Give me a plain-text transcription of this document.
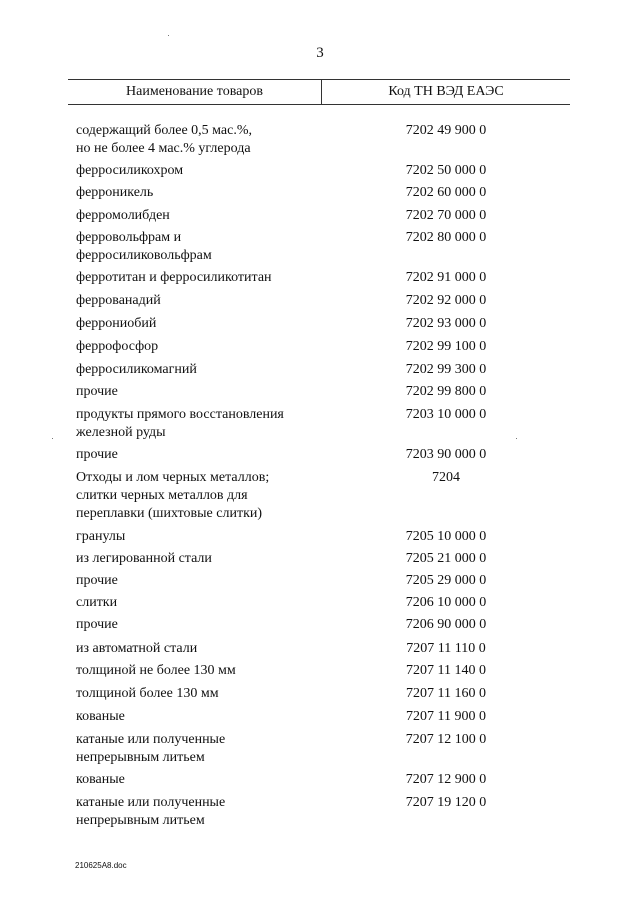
3
Наименование товаров	Код ТН ВЭД ЕАЭС
содержащий более 0,5 мас.%,
но не более 4 мас.% углерода
7202 49 900 0
ферросиликохром	7202 50 000 0
ферроникель	7202 60 000 0
ферромолибден	7202 70 000 0
ферровольфрам и
ферросиликовольфрам
7202 80 000 0
ферротитан и ферросиликотитан	7202 91 000 0
феррованадий	7202 92 000 0
феррониобий	7202 93 000 0
феррофосфор	7202 99 100 0
ферросиликомагний	7202 99 300 0
прочие	7202 99 800 0
продукты прямого восстановления
железной руды
7203 10 000 0
прочие	7203 90 000 0
Отходы и лом черных металлов;
слитки черных металлов для
переплавки (шихтовые слитки)
7204
гранулы	7205 10 000 0
из легированной стали	7205 21 000 0
прочие	7205 29 000 0
слитки	7206 10 000 0
прочие	7206 90 000 0
из автоматной стали	7207 11 110 0
толщиной не более 130 мм	7207 11 140 0
толщиной более 130 мм	7207 11 160 0
кованые	7207 11 900 0
катаные или полученные
непрерывным литьем
7207 12 100 0
кованые	7207 12 900 0
катаные или полученные
непрерывным литьем
7207 19 120 0
210625A8.doc
